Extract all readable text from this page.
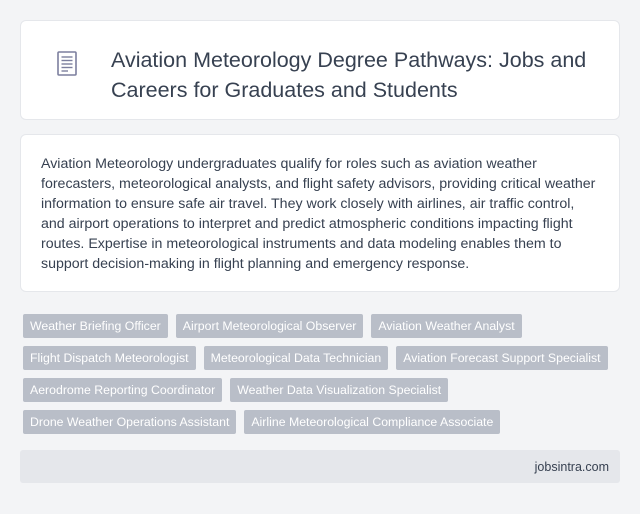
Aviation Meteorology Degree Pathways: Jobs and Careers for Graduates and Students

Aviation Meteorology undergraduates qualify for roles such as aviation weather forecasters, meteorological analysts, and flight safety advisors, providing critical weather information to ensure safe air travel. They work closely with airlines, air traffic control, and airport operations to interpret and predict atmospheric conditions impacting flight routes. Expertise in meteorological instruments and data modeling enables them to support decision-making in flight planning and emergency response.

Weather Briefing Officer	Airport Meteorological Observer	Aviation Weather Analyst
Flight Dispatch Meteorologist	Meteorological Data Technician	Aviation Forecast Support Specialist
Aerodrome Reporting Coordinator	Weather Data Visualization Specialist
Drone Weather Operations Assistant	Airline Meteorological Compliance Associate
jobsintra.com
